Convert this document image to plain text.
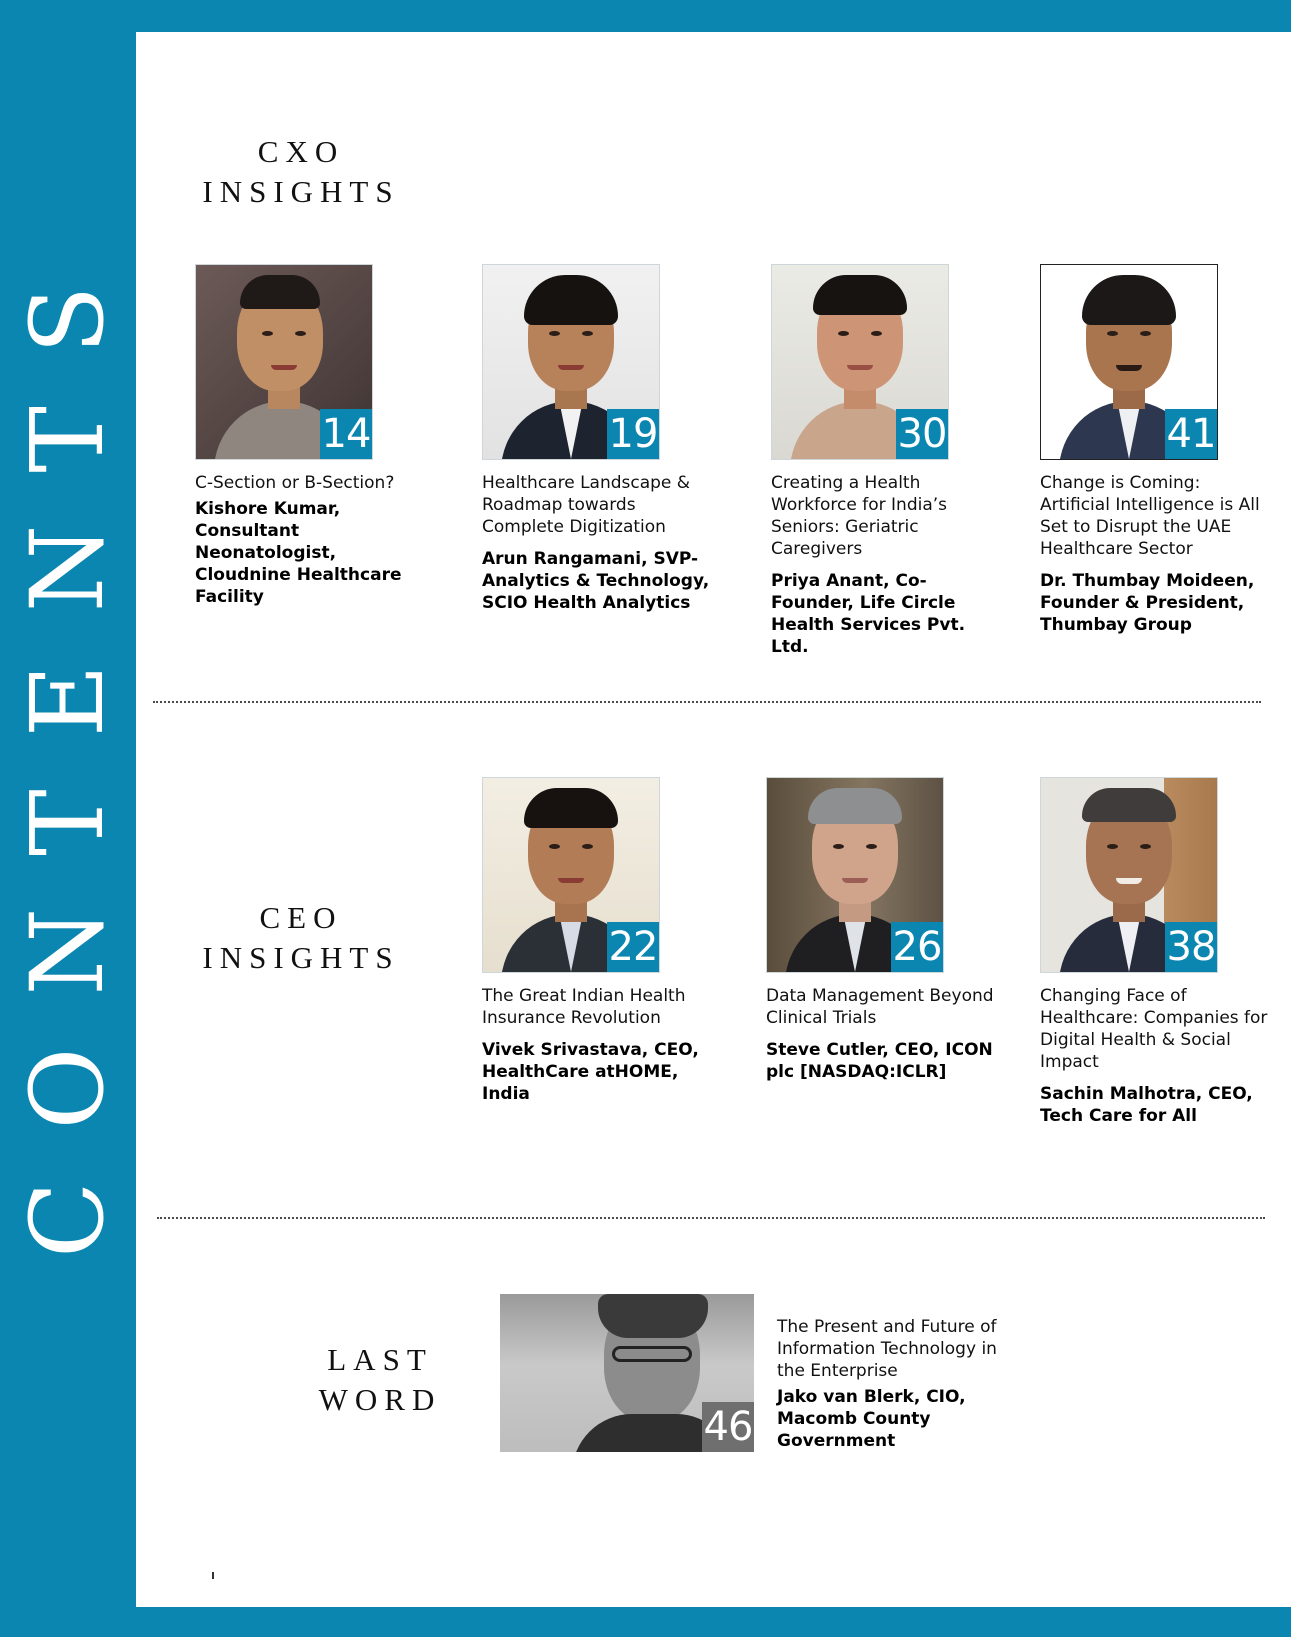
CONTENTS
CXO
INSIGHTS
14
C-Section or B-Section?
Kishore Kumar, Consultant Neonatologist, Cloudnine Healthcare Facility
19
Healthcare Landscape & Roadmap towards Complete Digitization
Arun Rangamani, SVP-Analytics & Technology, SCIO Health Analytics
30
Creating a Health Workforce for India’s Seniors: Geriatric Caregivers
Priya Anant, Co-Founder, Life Circle Health Services Pvt. Ltd.
41
Change is Coming: Artificial Intelligence is All Set to Disrupt the UAE Healthcare Sector
Dr. Thumbay Moideen, Founder & President, Thumbay Group
CEO
INSIGHTS	22
The Great Indian Health Insurance Revolution
Vivek Srivastava, CEO, HealthCare atHOME, India
26
Data Management Beyond Clinical Trials
Steve Cutler, CEO, ICON plc [NASDAQ:ICLR]
38
Changing Face of Healthcare: Companies for Digital Health & Social Impact
Sachin Malhotra, CEO, Tech Care for All
LAST
WORD
46
The Present and Future of Information Technology in the Enterprise
Jako van Blerk, CIO, Macomb County Government
